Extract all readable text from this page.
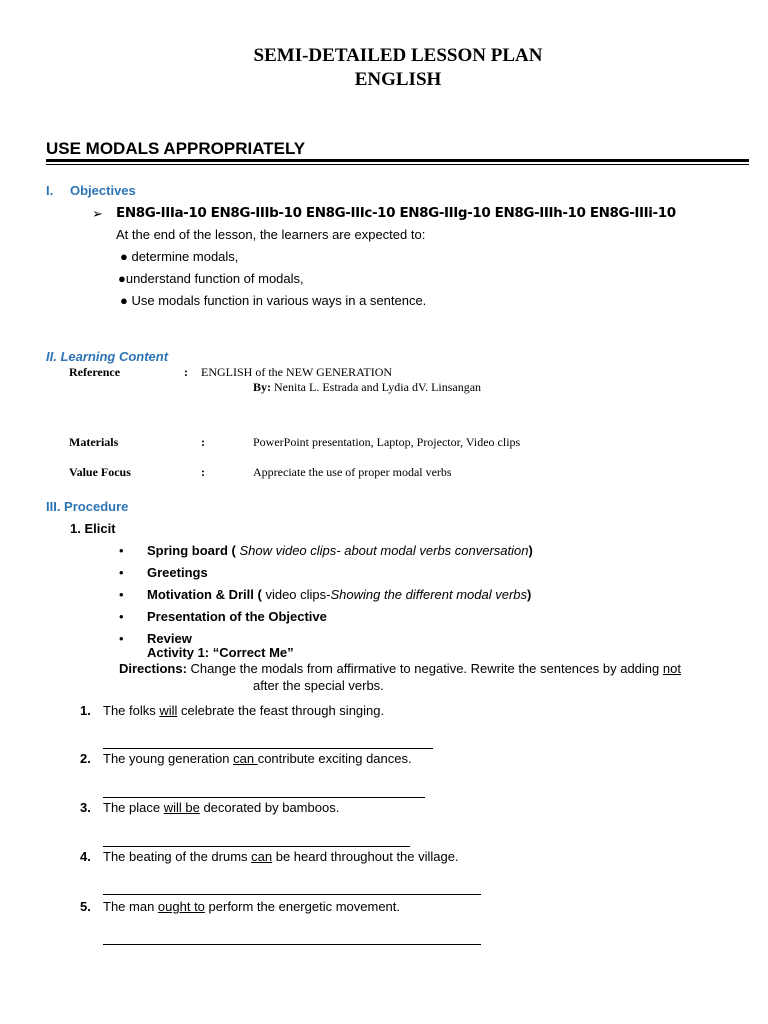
SEMI-DETAILED LESSON PLAN
ENGLISH
USE MODALS APPROPRIATELY
I. Objectives
➢ EN8G-IIIa-10 EN8G-IIIb-10 EN8G-IIIc-10 EN8G-IIIg-10 EN8G-IIIh-10 EN8G-IIIi-10
At the end of the lesson, the learners are expected to:
● determine modals,
●understand function of modals,
● Use modals function in various ways in a sentence.
II. Learning Content
Reference	: ENGLISH of the NEW GENERATION
By: Nenita L. Estrada and Lydia dV. Linsangan
Materials	:	PowerPoint presentation, Laptop, Projector, Video clips
Value Focus	:	Appreciate the use of proper modal verbs
III. Procedure
1. Elicit
• Spring board ( Show video clips- about modal verbs conversation)
• Greetings
• Motivation & Drill ( video clips-Showing the different modal verbs)
• Presentation of the Objective
• Review
Activity 1: “Correct Me”
Directions: Change the modals from affirmative to negative. Rewrite the sentences by adding not
after the special verbs.
1. The folks will celebrate the feast through singing.
2. The young generation can contribute exciting dances.
3. The place will be decorated by bamboos.
4. The beating of the drums can be heard throughout the village.
5. The man ought to perform the energetic movement.
